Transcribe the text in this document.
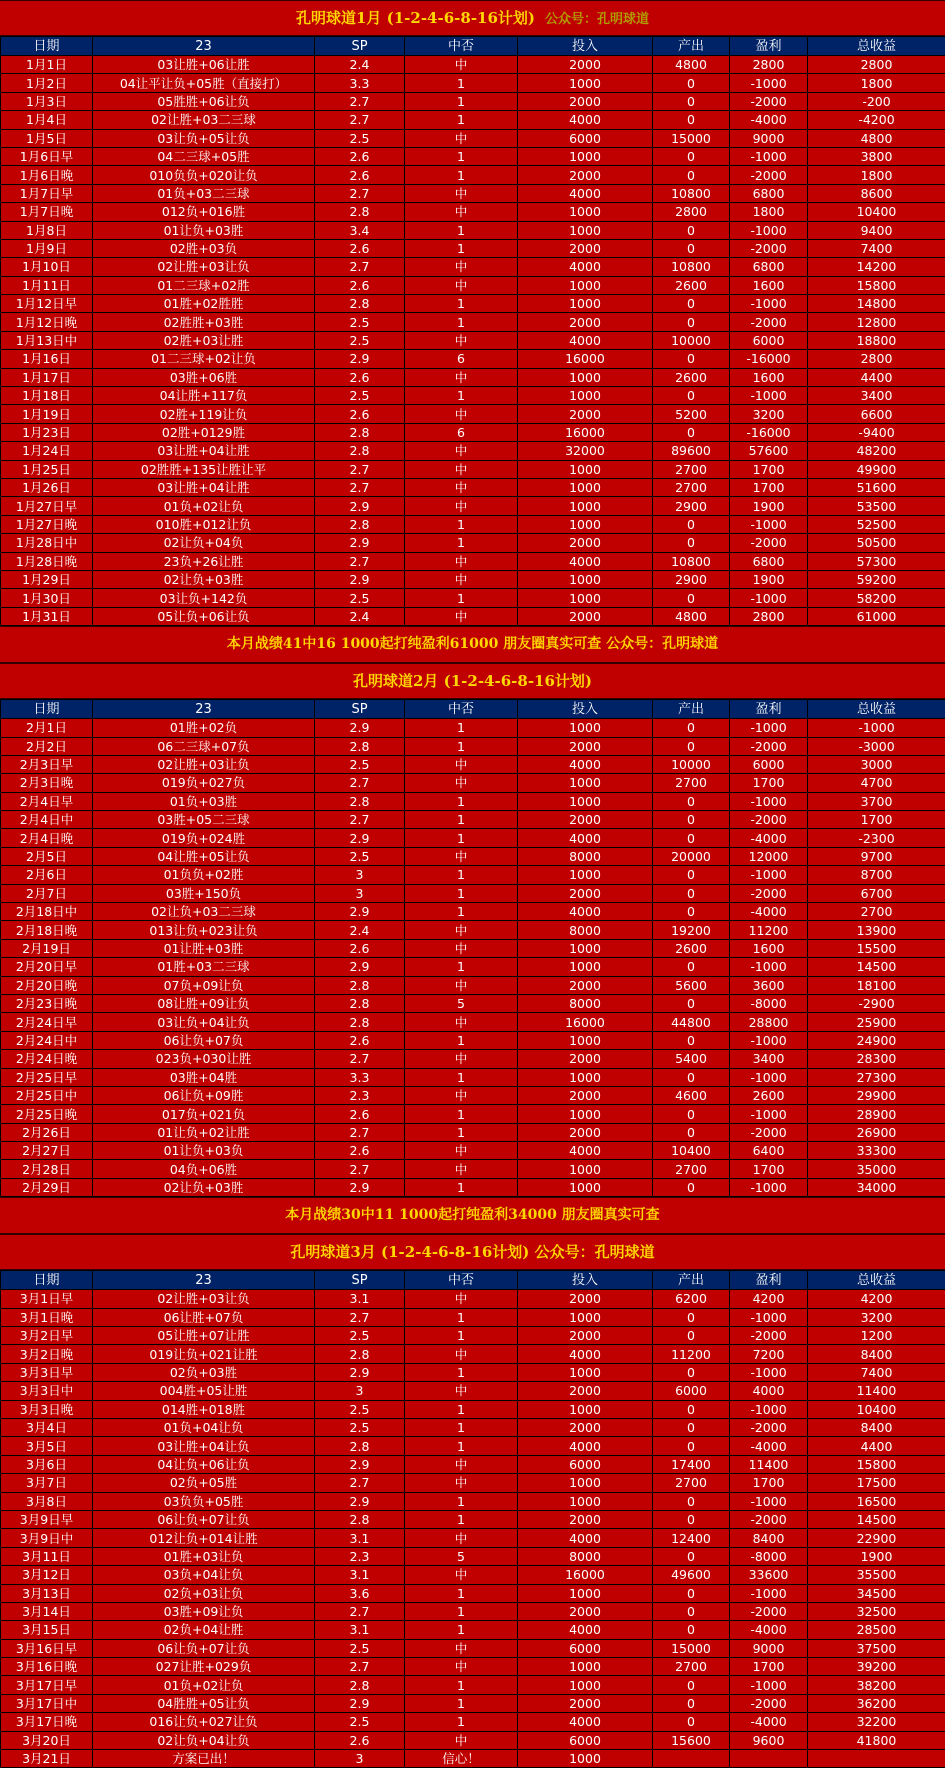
孔明球道1月 (1-2-4-6-8-16计划) 公众号：孔明球道
日期	23	SP	中否	投入	产出	盈利	总收益
1月1日	03让胜+06让胜	2.4	中	2000	4800	2800	2800
1月2日	04让平让负+05胜（直接打）	3.3	1	1000	0	-1000	1800
1月3日	05胜胜+06让负	2.7	1	2000	0	-2000	-200
1月4日	02让胜+03二三球	2.7	1	4000	0	-4000	-4200
1月5日	03让负+05让负	2.5	中	6000	15000	9000	4800
1月6日早	04二三球+05胜	2.6	1	1000	0	-1000	3800
1月6日晚	010负负+020让负	2.6	1	2000	0	-2000	1800
1月7日早	01负+03二三球	2.7	中	4000	10800	6800	8600
1月7日晚	012负+016胜	2.8	中	1000	2800	1800	10400
1月8日	01让负+03胜	3.4	1	1000	0	-1000	9400
1月9日	02胜+03负	2.6	1	2000	0	-2000	7400
1月10日	02让胜+03让负	2.7	中	4000	10800	6800	14200
1月11日	01二三球+02胜	2.6	中	1000	2600	1600	15800
1月12日早	01胜+02胜胜	2.8	1	1000	0	-1000	14800
1月12日晚	02胜胜+03胜	2.5	1	2000	0	-2000	12800
1月13日中	02胜+03让胜	2.5	中	4000	10000	6000	18800
1月16日	01二三球+02让负	2.9	6	16000	0	-16000	2800
1月17日	03胜+06胜	2.6	中	1000	2600	1600	4400
1月18日	04让胜+117负	2.5	1	1000	0	-1000	3400
1月19日	02胜+119让负	2.6	中	2000	5200	3200	6600
1月23日	02胜+0129胜	2.8	6	16000	0	-16000	-9400
1月24日	03让胜+04让胜	2.8	中	32000	89600	57600	48200
1月25日	02胜胜+135让胜让平	2.7	中	1000	2700	1700	49900
1月26日	03让胜+04让胜	2.7	中	1000	2700	1700	51600
1月27日早	01负+02让负	2.9	中	1000	2900	1900	53500
1月27日晚	010胜+012让负	2.8	1	1000	0	-1000	52500
1月28日中	02让负+04负	2.9	1	2000	0	-2000	50500
1月28日晚	23负+26让胜	2.7	中	4000	10800	6800	57300
1月29日	02让负+03胜	2.9	中	1000	2900	1900	59200
1月30日	03让负+142负	2.5	1	1000	0	-1000	58200
1月31日	05让负+06让负	2.4	中	2000	4800	2800	61000
本月战绩41中16 1000起打纯盈利61000 朋友圈真实可查 公众号：孔明球道
孔明球道2月 (1-2-4-6-8-16计划)
日期	23	SP	中否	投入	产出	盈利	总收益
2月1日	01胜+02负	2.9	1	1000	0	-1000	-1000
2月2日	06二三球+07负	2.8	1	2000	0	-2000	-3000
2月3日早	02让胜+03让负	2.5	中	4000	10000	6000	3000
2月3日晚	019负+027负	2.7	中	1000	2700	1700	4700
2月4日早	01负+03胜	2.8	1	1000	0	-1000	3700
2月4日中	03胜+05二三球	2.7	1	2000	0	-2000	1700
2月4日晚	019负+024胜	2.9	1	4000	0	-4000	-2300
2月5日	04让胜+05让负	2.5	中	8000	20000	12000	9700
2月6日	01负负+02胜	3	1	1000	0	-1000	8700
2月7日	03胜+150负	3	1	2000	0	-2000	6700
2月18日中	02让负+03二三球	2.9	1	4000	0	-4000	2700
2月18日晚	013让负+023让负	2.4	中	8000	19200	11200	13900
2月19日	01让胜+03胜	2.6	中	1000	2600	1600	15500
2月20日早	01胜+03二三球	2.9	1	1000	0	-1000	14500
2月20日晚	07负+09让负	2.8	中	2000	5600	3600	18100
2月23日晚	08让胜+09让负	2.8	5	8000	0	-8000	-2900
2月24日早	03让负+04让负	2.8	中	16000	44800	28800	25900
2月24日中	06让负+07负	2.6	1	1000	0	-1000	24900
2月24日晚	023负+030让胜	2.7	中	2000	5400	3400	28300
2月25日早	03胜+04胜	3.3	1	1000	0	-1000	27300
2月25日中	06让负+09胜	2.3	中	2000	4600	2600	29900
2月25日晚	017负+021负	2.6	1	1000	0	-1000	28900
2月26日	01让负+02让胜	2.7	1	2000	0	-2000	26900
2月27日	01让负+03负	2.6	中	4000	10400	6400	33300
2月28日	04负+06胜	2.7	中	1000	2700	1700	35000
2月29日	02让负+03胜	2.9	1	1000	0	-1000	34000
本月战绩30中11 1000起打纯盈利34000 朋友圈真实可查
孔明球道3月 (1-2-4-6-8-16计划) 公众号：孔明球道
日期	23	SP	中否	投入	产出	盈利	总收益
3月1日早	02让胜+03让负	3.1	中	2000	6200	4200	4200
3月1日晚	06让胜+07负	2.7	1	1000	0	-1000	3200
3月2日早	05让胜+07让胜	2.5	1	2000	0	-2000	1200
3月2日晚	019让负+021让胜	2.8	中	4000	11200	7200	8400
3月3日早	02负+03胜	2.9	1	1000	0	-1000	7400
3月3日中	004胜+05让胜	3	中	2000	6000	4000	11400
3月3日晚	014胜+018胜	2.5	1	1000	0	-1000	10400
3月4日	01负+04让负	2.5	1	2000	0	-2000	8400
3月5日	03让胜+04让负	2.8	1	4000	0	-4000	4400
3月6日	04让负+06让负	2.9	中	6000	17400	11400	15800
3月7日	02负+05胜	2.7	中	1000	2700	1700	17500
3月8日	03负负+05胜	2.9	1	1000	0	-1000	16500
3月9日早	06让负+07让负	2.8	1	2000	0	-2000	14500
3月9日中	012让负+014让胜	3.1	中	4000	12400	8400	22900
3月11日	01胜+03让负	2.3	5	8000	0	-8000	1900
3月12日	03负+04让负	3.1	中	16000	49600	33600	35500
3月13日	02负+03让负	3.6	1	1000	0	-1000	34500
3月14日	03胜+09让负	2.7	1	2000	0	-2000	32500
3月15日	02负+04让胜	3.1	1	4000	0	-4000	28500
3月16日早	06让负+07让负	2.5	中	6000	15000	9000	37500
3月16日晚	027让胜+029负	2.7	中	1000	2700	1700	39200
3月17日早	01负+02让负	2.8	1	1000	0	-1000	38200
3月17日中	04胜胜+05让负	2.9	1	2000	0	-2000	36200
3月17日晚	016让负+027让负	2.5	1	4000	0	-4000	32200
3月20日	02让负+04让负	2.6	中	6000	15600	9600	41800
3月21日	方案已出！	3	信心！	1000			
